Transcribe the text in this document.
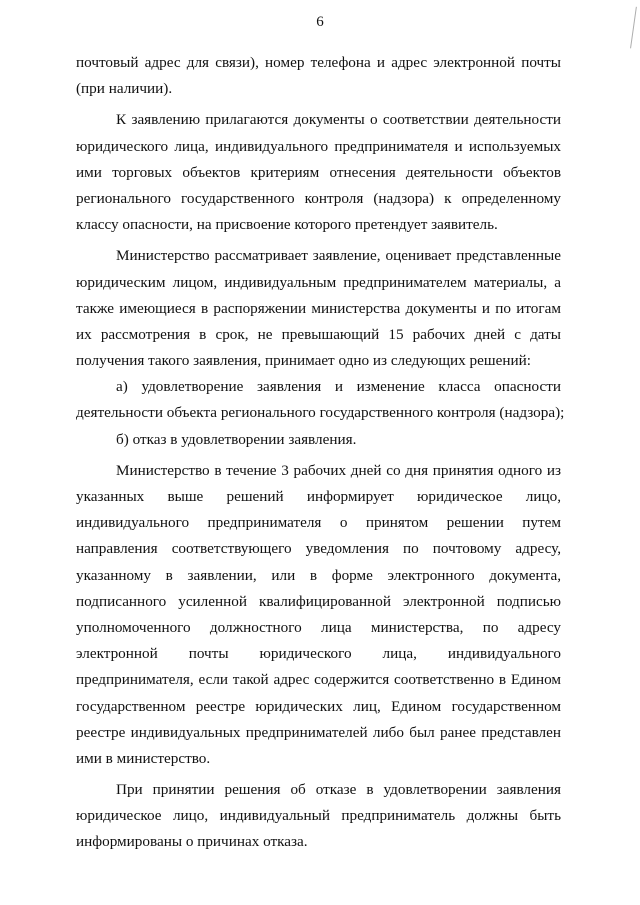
6
почтовый адрес для связи), номер телефона и адрес электронной почты
(при наличии).
К заявлению прилагаются документы о соответствии деятельности
юридического лица, индивидуального предпринимателя и используемых
ими торговых объектов критериям отнесения деятельности объектов
регионального государственного контроля (надзора) к определенному
классу опасности, на присвоение которого претендует заявитель.
Министерство рассматривает заявление, оценивает представленные
юридическим лицом, индивидуальным предпринимателем материалы, а
также имеющиеся в распоряжении министерства документы и по итогам
их рассмотрения в срок, не превышающий 15 рабочих дней с даты
получения такого заявления, принимает одно из следующих решений:
а) удовлетворение заявления и изменение класса опасности
деятельности объекта регионального государственного контроля (надзора);
б) отказ в удовлетворении заявления.
Министерство в течение 3 рабочих дней со дня принятия одного из
указанных выше решений информирует юридическое лицо,
индивидуального предпринимателя о принятом решении путем
направления соответствующего уведомления по почтовому адресу,
указанному в заявлении, или в форме электронного документа,
подписанного усиленной квалифицированной электронной подписью
уполномоченного должностного лица министерства, по адресу
электронной почты юридического лица, индивидуального
предпринимателя, если такой адрес содержится соответственно в Едином
государственном реестре юридических лиц, Едином государственном
реестре индивидуальных предпринимателей либо был ранее представлен
ими в министерство.
При принятии решения об отказе в удовлетворении заявления
юридическое лицо, индивидуальный предприниматель должны быть
информированы о причинах отказа.
